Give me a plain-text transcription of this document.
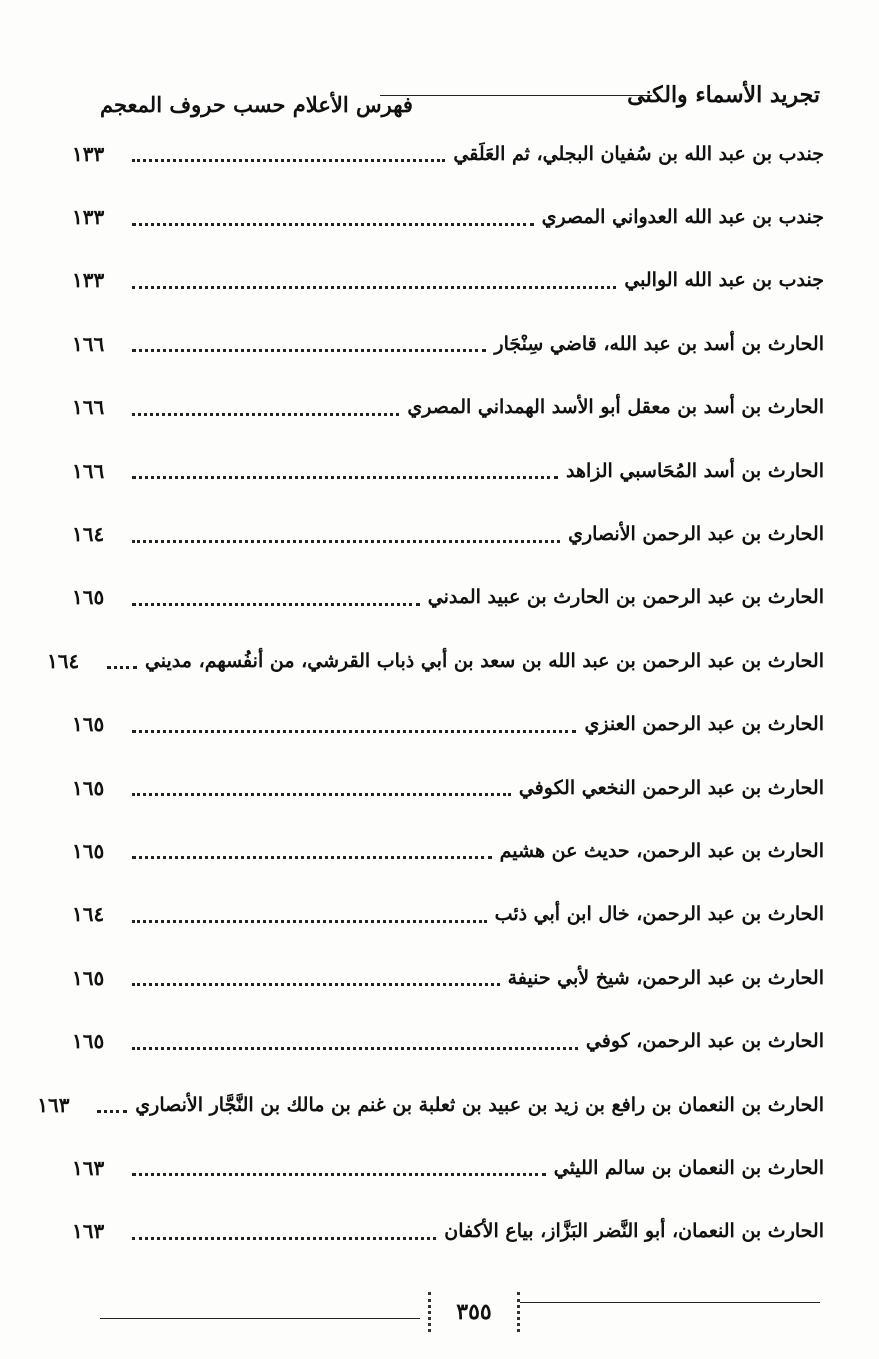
تجريد الأسماء والكنى
فهرس الأعلام حسب حروف المعجم
جندب بن عبد الله بن سُفيان البجلي، ثم العَلَقي
١٣٣
جندب بن عبد الله العدواني المصري
١٣٣
جندب بن عبد الله الوالبي
١٣٣
الحارث بن أسد بن عبد الله، قاضي سِنْجَار
١٦٦
الحارث بن أسد بن معقل أبو الأسد الهمداني المصري
١٦٦
الحارث بن أسد المُحَاسبي الزاهد
١٦٦
الحارث بن عبد الرحمن الأنصاري
١٦٤
الحارث بن عبد الرحمن بن الحارث بن عبيد المدني
١٦٥
الحارث بن عبد الرحمن بن عبد الله بن سعد بن أبي ذباب القرشي، من أنفُسهم، مديني
١٦٤
الحارث بن عبد الرحمن العنزي
١٦٥
الحارث بن عبد الرحمن النخعي الكوفي
١٦٥
الحارث بن عبد الرحمن، حديث عن هشيم
١٦٥
الحارث بن عبد الرحمن، خال ابن أبي ذئب
١٦٤
الحارث بن عبد الرحمن، شيخ لأبي حنيفة
١٦٥
الحارث بن عبد الرحمن، كوفي
١٦٥
الحارث بن النعمان بن رافع بن زيد بن عبيد بن ثعلبة بن غنم بن مالك بن النَّجَّار الأنصاري
١٦٣
الحارث بن النعمان بن سالم الليثي
١٦٣
الحارث بن النعمان، أبو النَّضر البَزَّاز، بياع الأكفان
١٦٣
٣٥٥
